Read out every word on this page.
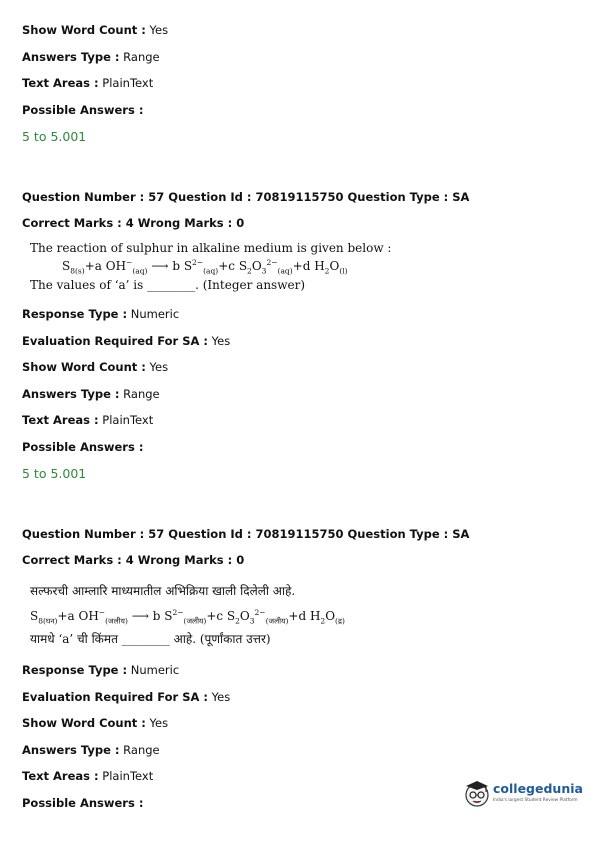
Show Word Count : Yes
Answers Type : Range
Text Areas : PlainText
Possible Answers :
5 to 5.001
Question Number : 57 Question Id : 70819115750 Question Type : SA
Correct Marks : 4 Wrong Marks : 0
The reaction of sulphur in alkaline medium is given below :
$S_{8(s)}+a$ $OH^-_{(aq)}$ ⟶ b $S^{2-}_{(aq)}+c$ $S_2O_3^{2-}_{(aq)}+d$ $H_2O_{(l)}$
The values of ‘a’ is ________. (Integer answer)
Response Type : Numeric
Evaluation Required For SA : Yes
Show Word Count : Yes
Answers Type : Range
Text Areas : PlainText
Possible Answers :
5 to 5.001
Question Number : 57 Question Id : 70819115750 Question Type : SA
Correct Marks : 4 Wrong Marks : 0
सल्फरची आम्लारि माध्यमातील अभिक्रिया खाली दिलेली आहे.
$S_{8(घन)}+a$ $OH^-_{(जलीय)}$ ⟶ b $S^{2-}_{(जलीय)}+c$ $S_2O_3^{2-}_{(जलीय)}+d$ $H_2O_{(द्र)}$
यामधे ‘a’ ची किंमत ________ आहे. (पूर्णांकात उत्तर)
Response Type : Numeric
Evaluation Required For SA : Yes
Show Word Count : Yes
Answers Type : Range
Text Areas : PlainText
Possible Answers :
collegedunia
India's largest Student Review Platform
